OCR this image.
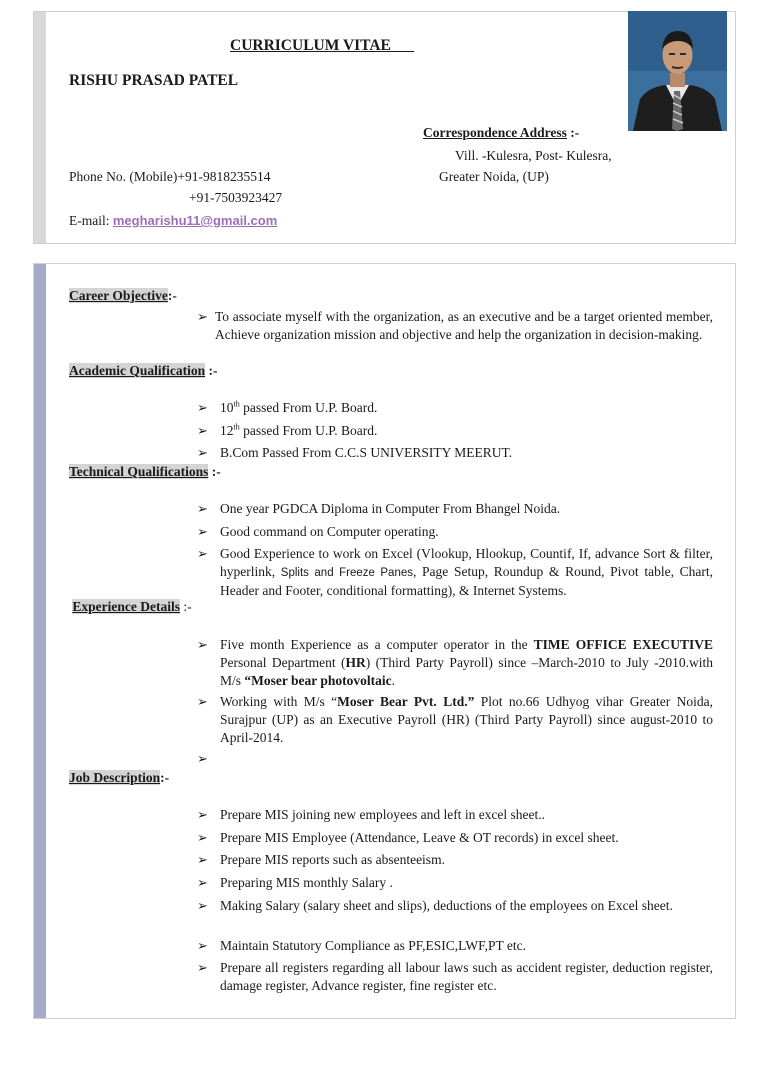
CURRICULUM VITAE
RISHU PRASAD PATEL
Correspondence Address :-
Vill. -Kulesra, Post- Kulesra,
Greater Noida, (UP)
Phone No. (Mobile)+91-9818235514
+91-7503923427
E-mail: megharishu11@gmail.com
Career Objective:-
➢ To associate myself with the organization, as an executive and be a target oriented member, Achieve organization mission and objective and help the organization in decision-making.
Academic Qualification :-
➢ 10th passed From U.P. Board.
➢ 12th passed From U.P. Board.
➢ B.Com Passed From C.C.S UNIVERSITY MEERUT.
Technical Qualifications :-
➢ One year PGDCA Diploma in Computer From Bhangel Noida.
➢ Good command on Computer operating.
➢ Good Experience to work on Excel (Vlookup, Hlookup, Countif, If, advance Sort & filter, hyperlink, Splits and Freeze Panes, Page Setup, Roundup & Round, Pivot table, Chart, Header and Footer, conditional formatting), & Internet Systems.
Experience Details :-
➢ Five month Experience as a computer operator in the TIME OFFICE EXECUTIVE Personal Department (HR) (Third Party Payroll) since –March-2010 to July -2010.with M/s “Moser bear photovoltaic.
➢ Working with M/s “Moser Bear Pvt. Ltd.” Plot no.66 Udhyog vihar Greater Noida, Surajpur (UP) as an Executive Payroll (HR) (Third Party Payroll) since august-2010 to April-2014.
➢
Job Description:-
➢ Prepare MIS joining new employees and left in excel sheet..
➢ Prepare MIS Employee (Attendance, Leave & OT records) in excel sheet.
➢ Prepare MIS reports such as absenteeism.
➢ Preparing MIS monthly Salary .
➢ Making Salary (salary sheet and slips), deductions of the employees on Excel sheet.
➢ Maintain Statutory Compliance as PF,ESIC,LWF,PT etc.
➢ Prepare all registers regarding all labour laws such as accident register, deduction register, damage register, Advance register, fine register etc.
